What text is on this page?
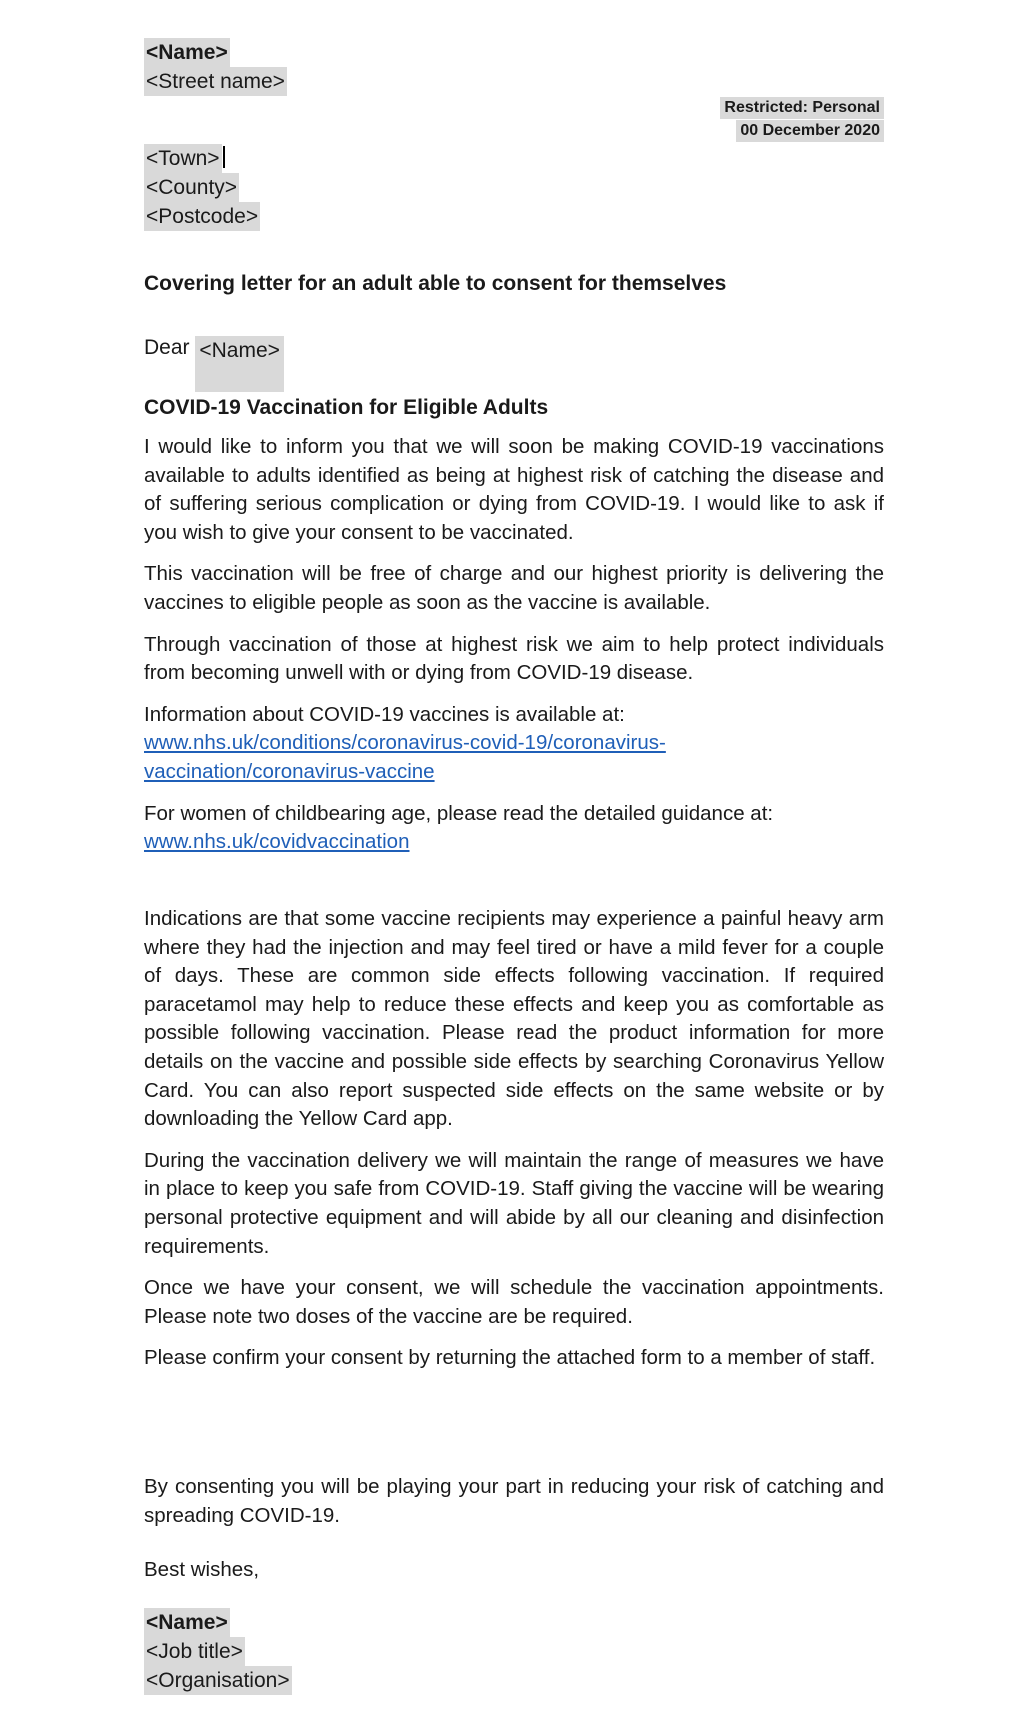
<Name>
<Street name>
Restricted: Personal
00 December 2020
<Town>
<County>
<Postcode>
Covering letter for an adult able to consent for themselves
Dear <Name>
COVID-19 Vaccination for Eligible Adults

I would like to inform you that we will soon be making COVID-19 vaccinations available to adults identified as being at highest risk of catching the disease and of suffering serious complication or dying from COVID-19. I would like to ask if you wish to give your consent to be vaccinated.

This vaccination will be free of charge and our highest priority is delivering the vaccines to eligible people as soon as the vaccine is available.

Through vaccination of those at highest risk we aim to help protect individuals from becoming unwell with or dying from COVID-19 disease.

Information about COVID-19 vaccines is available at:
www.nhs.uk/conditions/coronavirus-covid-19/coronavirus-vaccination/coronavirus-vaccine

For women of childbearing age, please read the detailed guidance at:
www.nhs.uk/covidvaccination

Indications are that some vaccine recipients may experience a painful heavy arm where they had the injection and may feel tired or have a mild fever for a couple of days. These are common side effects following vaccination. If required paracetamol may help to reduce these effects and keep you as comfortable as possible following vaccination. Please read the product information for more details on the vaccine and possible side effects by searching Coronavirus Yellow Card. You can also report suspected side effects on the same website or by downloading the Yellow Card app.

During the vaccination delivery we will maintain the range of measures we have in place to keep you safe from COVID-19. Staff giving the vaccine will be wearing personal protective equipment and will abide by all our cleaning and disinfection requirements.

Once we have your consent, we will schedule the vaccination appointments. Please note two doses of the vaccine are be required.

Please confirm your consent by returning the attached form to a member of staff.

By consenting you will be playing your part in reducing your risk of catching and spreading COVID-19.
Best wishes,
<Name>
<Job title>
<Organisation>
